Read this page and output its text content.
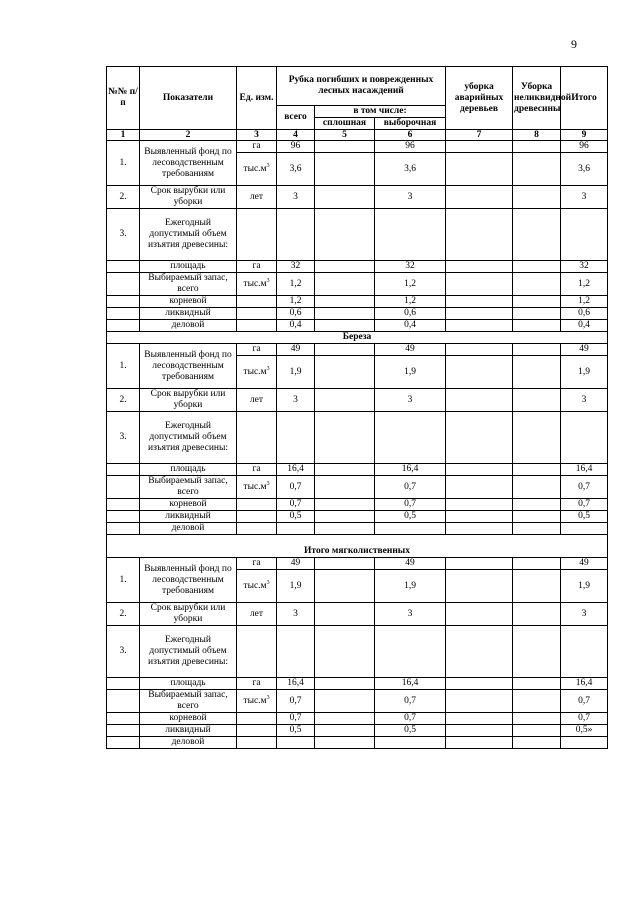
9
№№ п/п	Показатели	Ед. изм.	Рубка погибших и поврежденных лесных насаждений			уборка аварийных деревьев	Уборка неликвидной древесины	Итого
			всего	в том числе:				
				сплошная	выборочная			
1	2	3	4	5	6	7	8	9
1.	Выявленный фонд по лесоводственным требованиям	га	96		96			96
		$тыс.м^3$	3,6		3,6			3,6
2.	Срок вырубки или уборки	лет	3		3			3
3.	Ежегодный допустимый объем изъятия древесины:							
	площадь	га	32		32			32
	Выбираемый запас, всего	$тыс.м^3$	1,2		1,2			1,2
	корневой		1,2		1,2			1,2
	ликвидный		0,6		0,6			0,6
	деловой		0,4		0,4			0,4
Береза								
1.	Выявленный фонд по лесоводственным требованиям	га	49		49			49
		$тыс.м^3$	1,9		1,9			1,9
2.	Срок вырубки или уборки	лет	3		3			3
3.	Ежегодный допустимый объем изъятия древесины:							
	площадь	га	16,4		16,4			16,4
	Выбираемый запас, всего	$тыс.м^3$	0,7		0,7			0,7
	корневой		0,7		0,7			0,7
	ликвидный		0,5		0,5			0,5
	деловой							
Итого мягколиственных								
1.	Выявленный фонд по лесоводственным требованиям	га	49		49			49
		$тыс.м^3$	1,9		1,9			1,9
2.	Срок вырубки или уборки	лет	3		3			3
3.	Ежегодный допустимый объем изъятия древесины:							
	площадь	га	16,4		16,4			16,4
	Выбираемый запас, всего	$тыс.м^3$	0,7		0,7			0,7
	корневой		0,7		0,7			0,7
	ликвидный		0,5		0,5			0,5»
	деловой							
